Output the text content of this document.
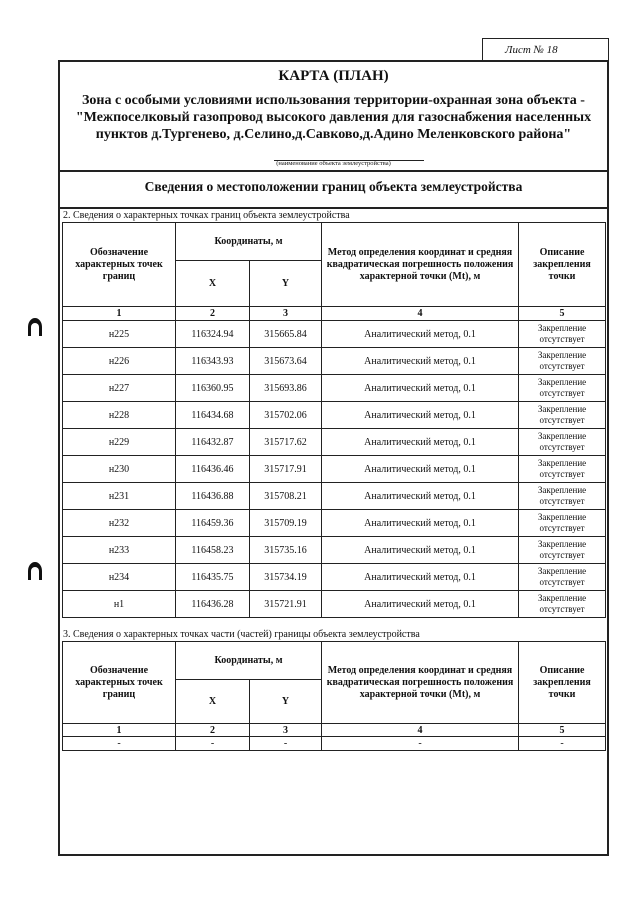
Лист № 18
КАРТА (ПЛАН)
Зона с особыми условиями использования территории-охранная зона объекта -"Межпоселковый газопровод высокого давления для газоснабжения населенных пунктов д.Тургенево, д.Селино,д.Савково,д.Адино Меленковского района"
(наименование объекта землеустройства)
Сведения о местоположении границ объекта землеустройства
2. Сведения о характерных точках границ объекта землеустройства
Обозначение характерных точек границ	Координаты, м		Метод определения координат и средняя квадратическая погрешность положения характерной точки (Mt), м	Описание закрепления точки
	X	Y		
1	2	3	4	5
н225	116324.94	315665.84	Аналитический метод, 0.1	Закрепление отсутствует
н226	116343.93	315673.64	Аналитический метод, 0.1	Закрепление отсутствует
н227	116360.95	315693.86	Аналитический метод, 0.1	Закрепление отсутствует
н228	116434.68	315702.06	Аналитический метод, 0.1	Закрепление отсутствует
н229	116432.87	315717.62	Аналитический метод, 0.1	Закрепление отсутствует
н230	116436.46	315717.91	Аналитический метод, 0.1	Закрепление отсутствует
н231	116436.88	315708.21	Аналитический метод, 0.1	Закрепление отсутствует
н232	116459.36	315709.19	Аналитический метод, 0.1	Закрепление отсутствует
н233	116458.23	315735.16	Аналитический метод, 0.1	Закрепление отсутствует
н234	116435.75	315734.19	Аналитический метод, 0.1	Закрепление отсутствует
н1	116436.28	315721.91	Аналитический метод, 0.1	Закрепление отсутствует
3. Сведения о характерных точках части (частей) границы объекта землеустройства
Обозначение характерных точек границ	Координаты, м		Метод определения координат и средняя квадратическая погрешность положения характерной точки (Mt), м	Описание закрепления точки
	X	Y		
1	2	3	4	5
-	-	-	-	-
